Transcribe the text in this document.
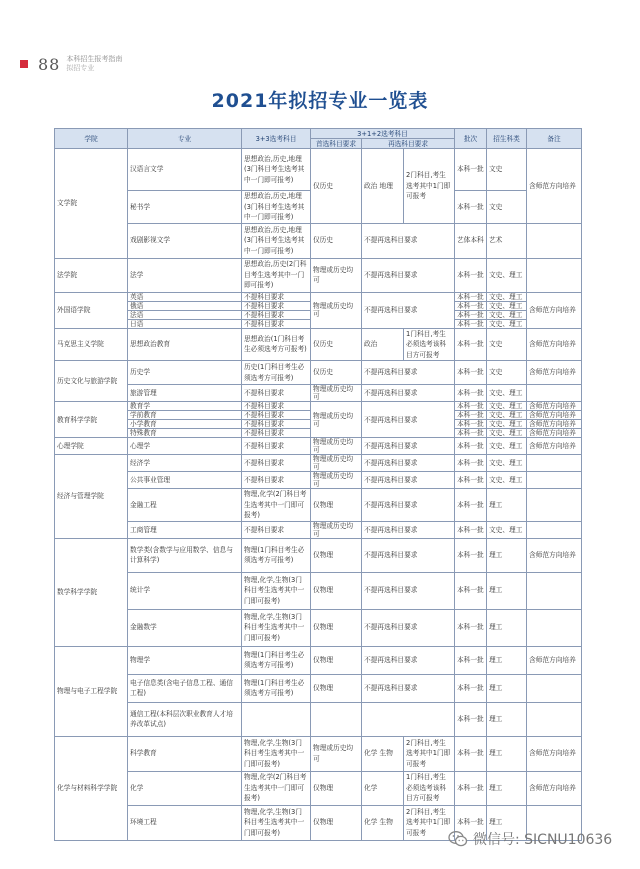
88 本科招生报考指南
拟招专业
2021年拟招专业一览表
学院	专业	3+3选考科目	3+1+2选考科目			批次	招生科类	备注
			首选科目要求	再选科目要求				
文学院	汉语言文学	思想政治,历史,地理(3门科目考生选考其中一门即可报考)	仅历史	政治 地理	2门科目,考生选考其中1门即可报考	本科一批	文史	含师范方向培养
	秘书学	思想政治,历史,地理(3门科目考生选考其中一门即可报考)				本科一批	文史	
	戏剧影视文学	思想政治,历史,地理(3门科目考生选考其中一门即可报考)	仅历史	不提再选科目要求		艺体本科	艺术	
法学院	法学	思想政治,历史(2门科目考生选考其中一门即可报考)	物理或历史均可	不提再选科目要求		本科一批	文史、理工	
外国语学院	英语	不提科目要求	物理或历史均可	不提再选科目要求		本科一批	文史、理工	含师范方向培养
	俄语	不提科目要求				本科一批	文史、理工	
	法语	不提科目要求				本科一批	文史、理工	
	日语	不提科目要求				本科一批	文史、理工	
马克思主义学院	思想政治教育	思想政治(1门科目考生必须选考方可报考)	仅历史	政治	1门科目,考生必须选考该科目方可报考	本科一批	文史	含师范方向培养
历史文化与旅游学院	历史学	历史(1门科目考生必须选考方可报考)	仅历史	不提再选科目要求		本科一批	文史	含师范方向培养
	旅游管理	不提科目要求	物理或历史均可	不提再选科目要求		本科一批	文史、理工	
教育科学学院	教育学	不提科目要求	物理或历史均可	不提再选科目要求		本科一批	文史、理工	含师范方向培养
	学前教育	不提科目要求				本科一批	文史、理工	含师范方向培养
	小学教育	不提科目要求				本科一批	文史、理工	含师范方向培养
	特殊教育	不提科目要求				本科一批	文史、理工	含师范方向培养
心理学院	心理学	不提科目要求	物理或历史均可	不提再选科目要求		本科一批	文史、理工	含师范方向培养
经济与管理学院	经济学	不提科目要求	物理或历史均可	不提再选科目要求		本科一批	文史、理工	
	公共事业管理	不提科目要求	物理或历史均可	不提再选科目要求		本科一批	文史、理工	
	金融工程	物理,化学(2门科目考生选考其中一门即可报考)	仅物理	不提再选科目要求		本科一批	理工	
	工商管理	不提科目要求	物理或历史均可	不提再选科目要求		本科一批	文史、理工	
数学科学学院	数学类(含数学与应用数学、信息与计算科学)	物理(1门科目考生必须选考方可报考)	仅物理	不提再选科目要求		本科一批	理工	含师范方向培养
	统计学	物理,化学,生物(3门科目考生选考其中一门即可报考)	仅物理	不提再选科目要求		本科一批	理工	
	金融数学	物理,化学,生物(3门科目考生选考其中一门即可报考)	仅物理	不提再选科目要求		本科一批	理工	
物理与电子工程学院	物理学	物理(1门科目考生必须选考方可报考)	仅物理	不提再选科目要求		本科一批	理工	含师范方向培养
	电子信息类(含电子信息工程、通信工程)	物理(1门科目考生必须选考方可报考)	仅物理	不提再选科目要求		本科一批	理工	
	通信工程(本科层次职业教育人才培养改革试点)					本科一批	理工	
化学与材料科学学院	科学教育	物理,化学,生物(3门科目考生选考其中一门即可报考)	物理或历史均可	化学 生物	2门科目,考生选考其中1门即可报考	本科一批	理工	含师范方向培养
	化学	物理,化学(2门科目考生选考其中一门即可报考)	仅物理	化学	1门科目,考生必须选考该科目方可报考	本科一批	理工	含师范方向培养
	环境工程	物理,化学,生物(3门科目考生选考其中一门即可报考)	仅物理	化学 生物	2门科目,考生选考其中1门即可报考	本科一批	理工	
微信号: SICNU10636
